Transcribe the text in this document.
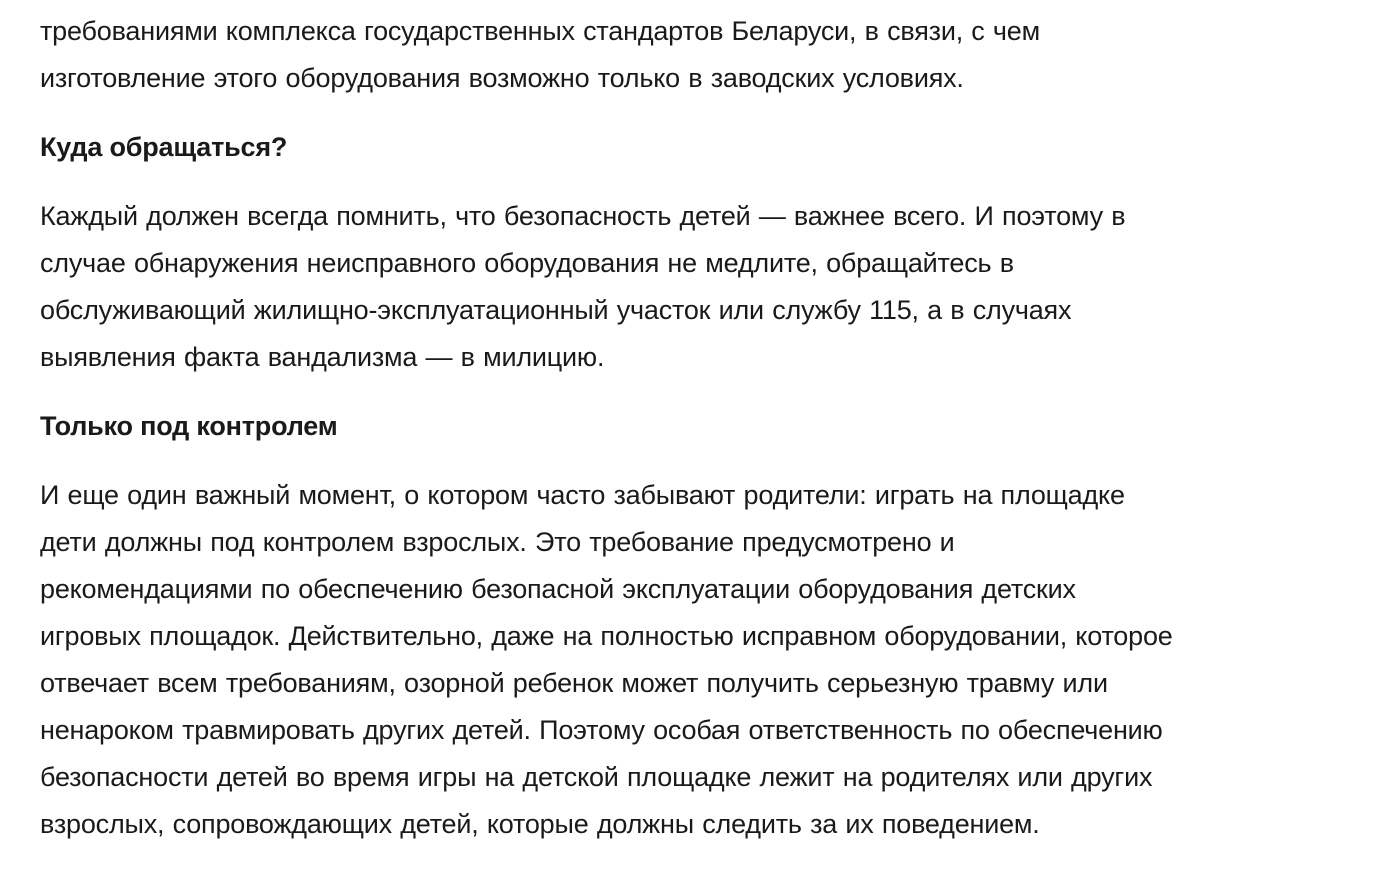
требованиями комплекса государственных стандартов Беларуси, в связи, с чем
изготовление этого оборудования возможно только в заводских условиях.
Куда обращаться?
Каждый должен всегда помнить, что безопасность детей — важнее всего. И поэтому в
случае обнаружения неисправного оборудования не медлите, обращайтесь в
обслуживающий жилищно-эксплуатационный участок или службу 115, а в случаях
выявления факта вандализма — в милицию.
Только под контролем
И еще один важный момент, о котором часто забывают родители: играть на площадке
дети должны под контролем взрослых. Это требование предусмотрено и
рекомендациями по обеспечению безопасной эксплуатации оборудования детских
игровых площадок. Действительно, даже на полностью исправном оборудовании, которое
отвечает всем требованиям, озорной ребенок может получить серьезную травму или
ненароком травмировать других детей. Поэтому особая ответственность по обеспечению
безопасности детей во время игры на детской площадке лежит на родителях или других
взрослых, сопровождающих детей, которые должны следить за их поведением.
